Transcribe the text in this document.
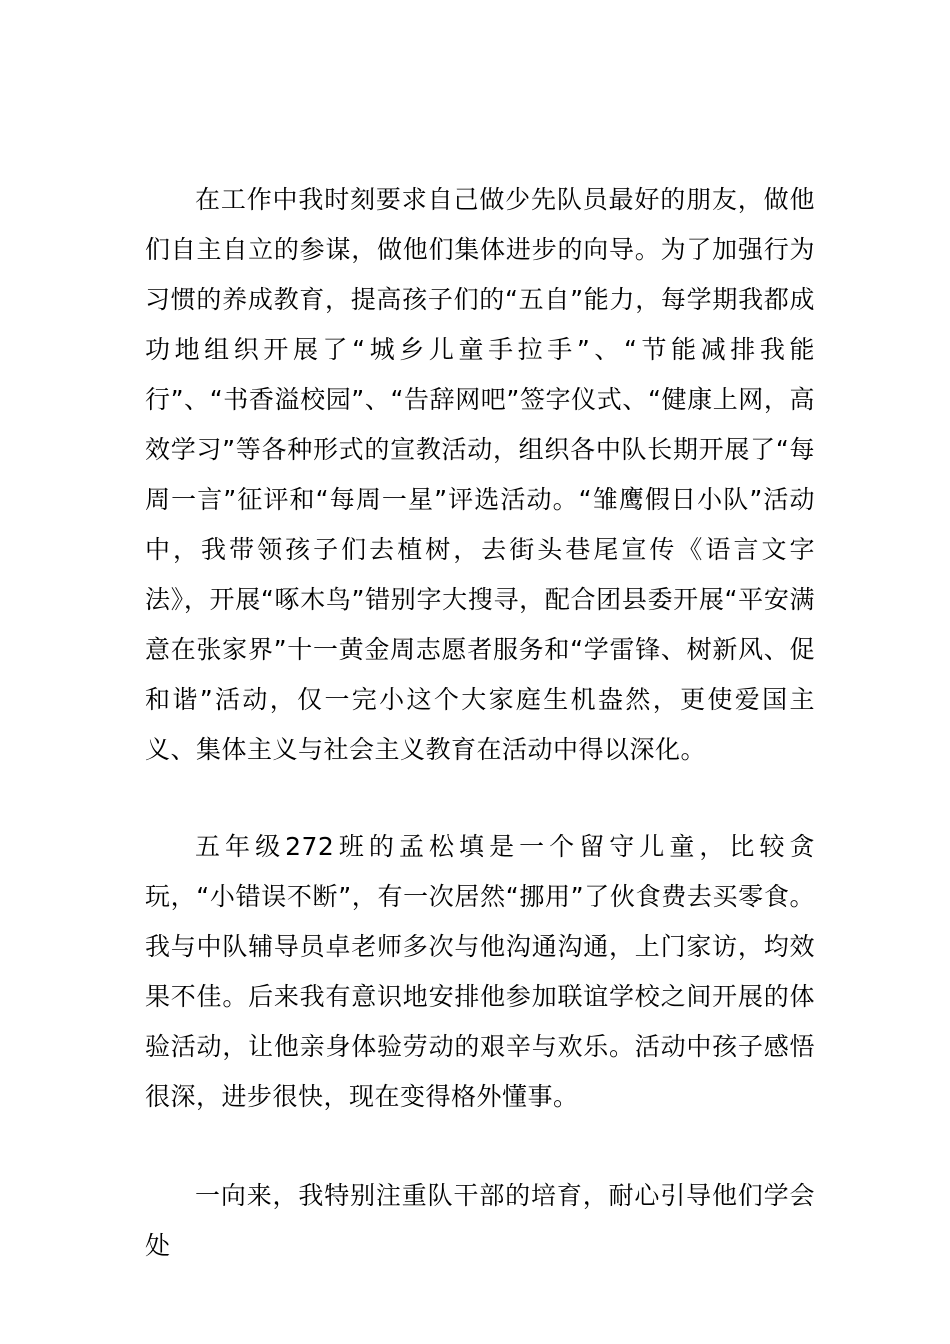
在工作中我时刻要求自己做少先队员最好的朋友，做他们自主自立的参谋，做他们集体进步的向导。为了加强行为习惯的养成教育，提高孩子们的“五自”能力，每学期我都成功地组织开展了“城乡儿童手拉手”、“节能减排我能行”、“书香溢校园”、“告辞网吧”签字仪式、“健康上网，高效学习”等各种形式的宣教活动，组织各中队长期开展了“每周一言”征评和“每周一星”评选活动。“雏鹰假日小队”活动中，我带领孩子们去植树，去街头巷尾宣传《语言文字法》，开展“啄木鸟”错别字大搜寻，配合团县委开展“平安满意在张家界”十一黄金周志愿者服务和“学雷锋、树新风、促和谐”活动，仅一完小这个大家庭生机盎然，更使爱国主义、集体主义与社会主义教育在活动中得以深化。

五年级272班的孟松填是一个留守儿童，比较贪玩，“小错误不断”，有一次居然“挪用”了伙食费去买零食。我与中队辅导员卓老师多次与他沟通沟通，上门家访，均效果不佳。后来我有意识地安排他参加联谊学校之间开展的体验活动，让他亲身体验劳动的艰辛与欢乐。活动中孩子感悟很深，进步很快，现在变得格外懂事。

一向来，我特别注重队干部的培育，耐心引导他们学会处
